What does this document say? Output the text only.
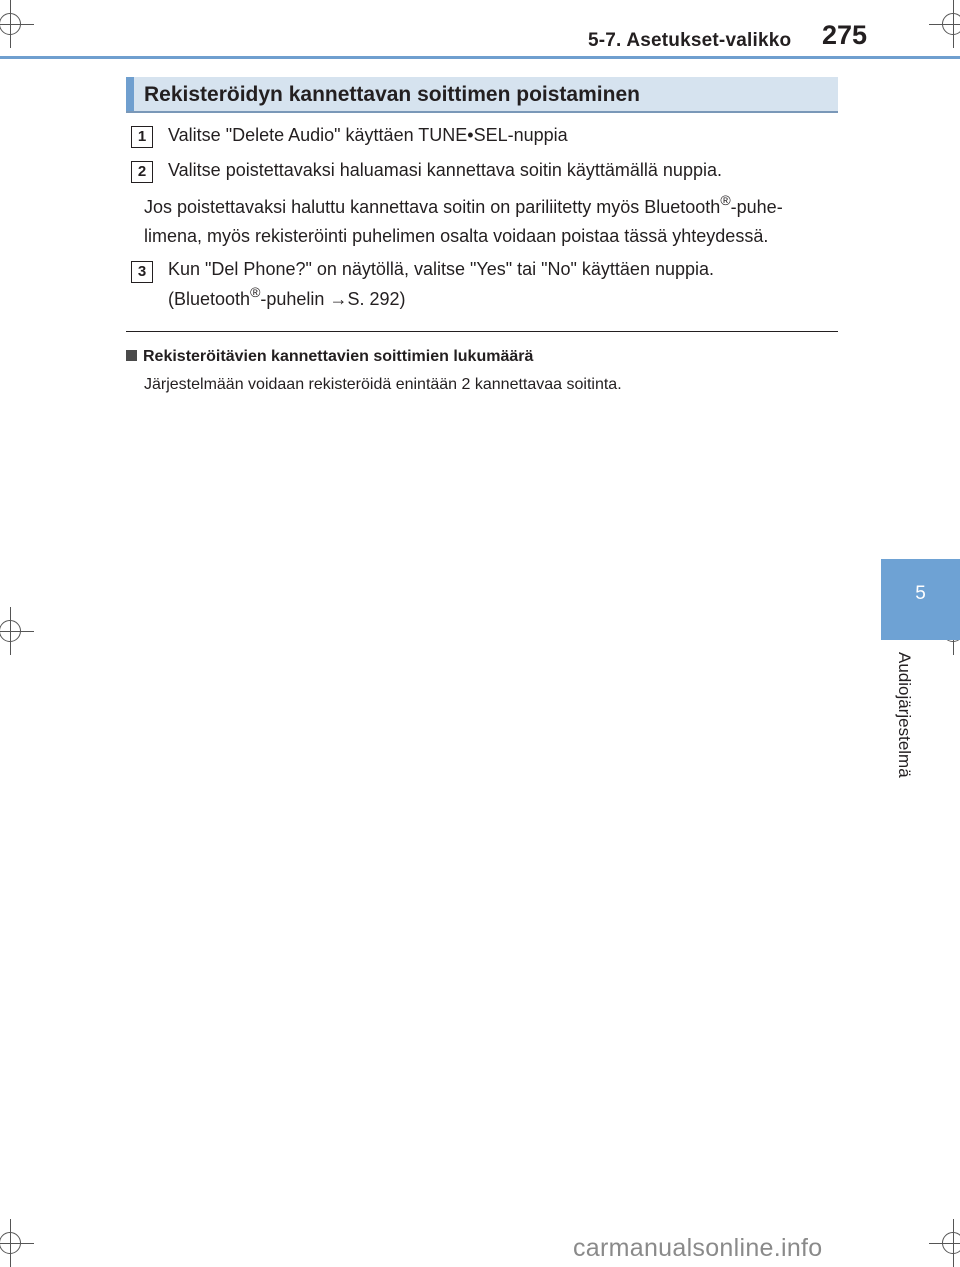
5-7. Asetukset-valikko 275
5
Audiojärjestelmä
Rekisteröidyn kannettavan soittimen poistaminen
1	Valitse "Delete Audio" käyttäen TUNE•SEL-nuppia
2	Valitse poistettavaksi haluamasi kannettava soitin käyttämällä nuppia.
Jos poistettavaksi haluttu kannettava soitin on pariliitetty myös Bluetooth®-puhe-
limena, myös rekisteröinti puhelimen osalta voidaan poistaa tässä yhteydessä.
3	Kun "Del Phone?" on näytöllä, valitse "Yes" tai "No" käyttäen nuppia.
(Bluetooth®-puhelin →S. 292)
Rekisteröitävien kannettavien soittimien lukumäärä
Järjestelmään voidaan rekisteröidä enintään 2 kannettavaa soitinta.
carmanualsonline.info
